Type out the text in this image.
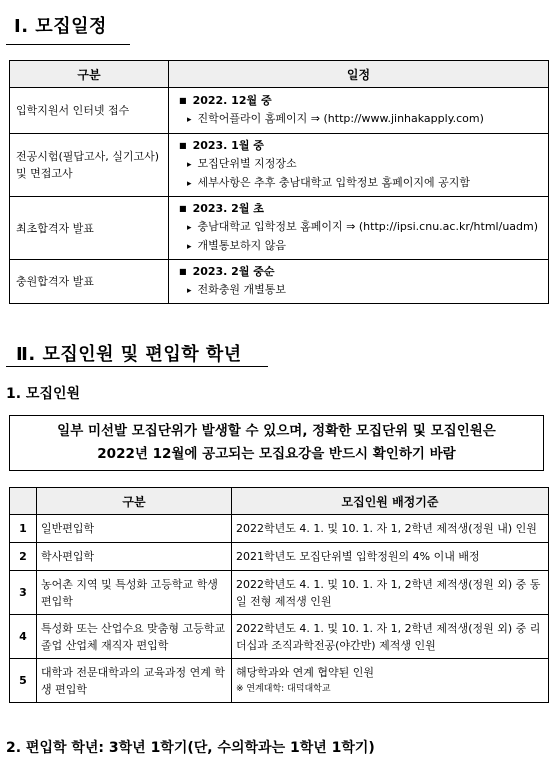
Ⅰ. 모집일정
구분	일정
입학지원서 인터넷 접수	■ 2022. 12월 중
▸ 진학어플라이 홈페이지 ⇒ (http://www.jinhakapply.com)

전공시험(필답고사, 실기고사) 및 면접고사	■ 2023. 1월 중
▸ 모집단위별 지정장소
▸ 세부사항은 추후 충남대학교 입학정보 홈페이지에 공지함

최초합격자 발표	■ 2023. 2월 초
▸ 충남대학교 입학정보 홈페이지 ⇒ (http://ipsi.cnu.ac.kr/html/uadm)
▸ 개별통보하지 않음

충원합격자 발표	■ 2023. 2월 중순
▸ 전화충원 개별통보
Ⅱ. 모집인원 및 편입학 학년
1. 모집인원
일부 미선발 모집단위가 발생할 수 있으며, 정확한 모집단위 및 모집인원은
2022년 12월에 공고되는 모집요강을 반드시 확인하기 바람
	구분	모집인원 배정기준
1	일반편입학	2022학년도 4. 1. 및 10. 1. 자 1, 2학년 제적생(정원 내) 인원
2	학사편입학	2021학년도 모집단위별 입학정원의 4% 이내 배정
3	농어촌 지역 및 특성화 고등학교 학생 편입학	2022학년도 4. 1. 및 10. 1. 자 1, 2학년 제적생(정원 외) 중 동일 전형 제적생 인원
4	특성화 또는 산업수요 맞춤형 고등학교 졸업 산업체 재직자 편입학	2022학년도 4. 1. 및 10. 1. 자 1, 2학년 제적생(정원 외) 중 리더십과 조직과학전공(야간반) 제적생 인원
5	대학과 전문대학과의 교육과정 연계 학생 편입학	해당학과와 연계 협약된 인원
※ 연계대학: 대덕대학교
2. 편입학 학년: 3학년 1학기(단, 수의학과는 1학년 1학기)
